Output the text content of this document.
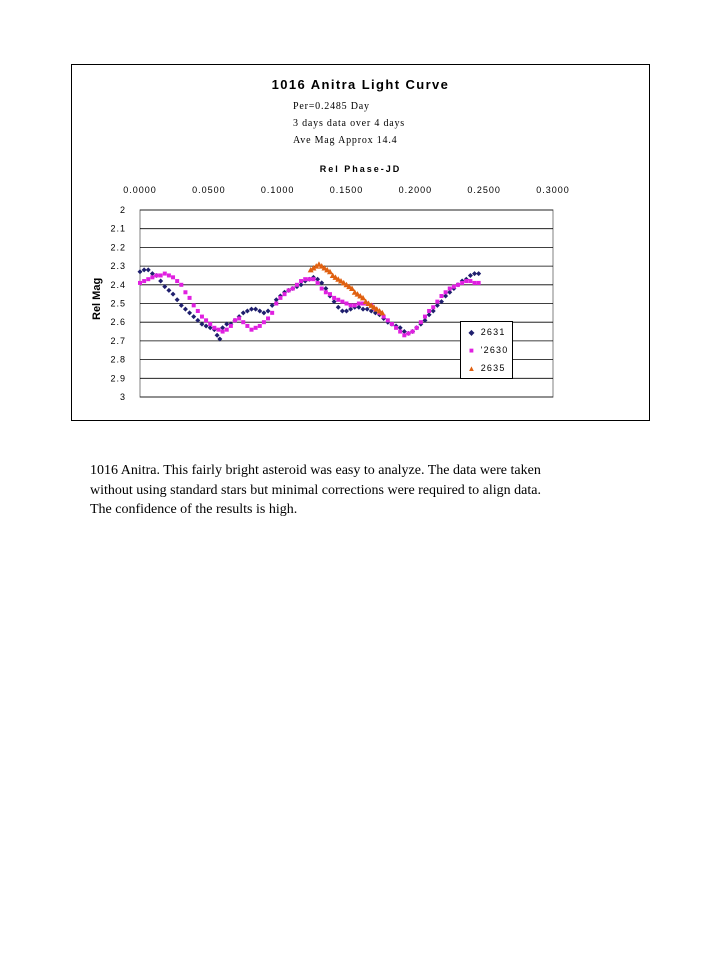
1016 Anitra Light Curve
Per=0.2485 Day
3 days data over 4 days
Ave Mag Approx 14.4
Rel Phase-JD
Rel Mag
2
2.1
2.2
2.3
2.4
2.5
2.6
2.7
2.8
2.9
3
0.0000	0.0500	0.1000	0.1500	0.2000	0.2500	0.3000
◆ 2631
■ '2630
▲ 2635
1016 Anitra. This fairly bright asteroid was easy to analyze. The data were taken
without using standard stars but minimal corrections were required to align data.
The confidence of the results is high.
